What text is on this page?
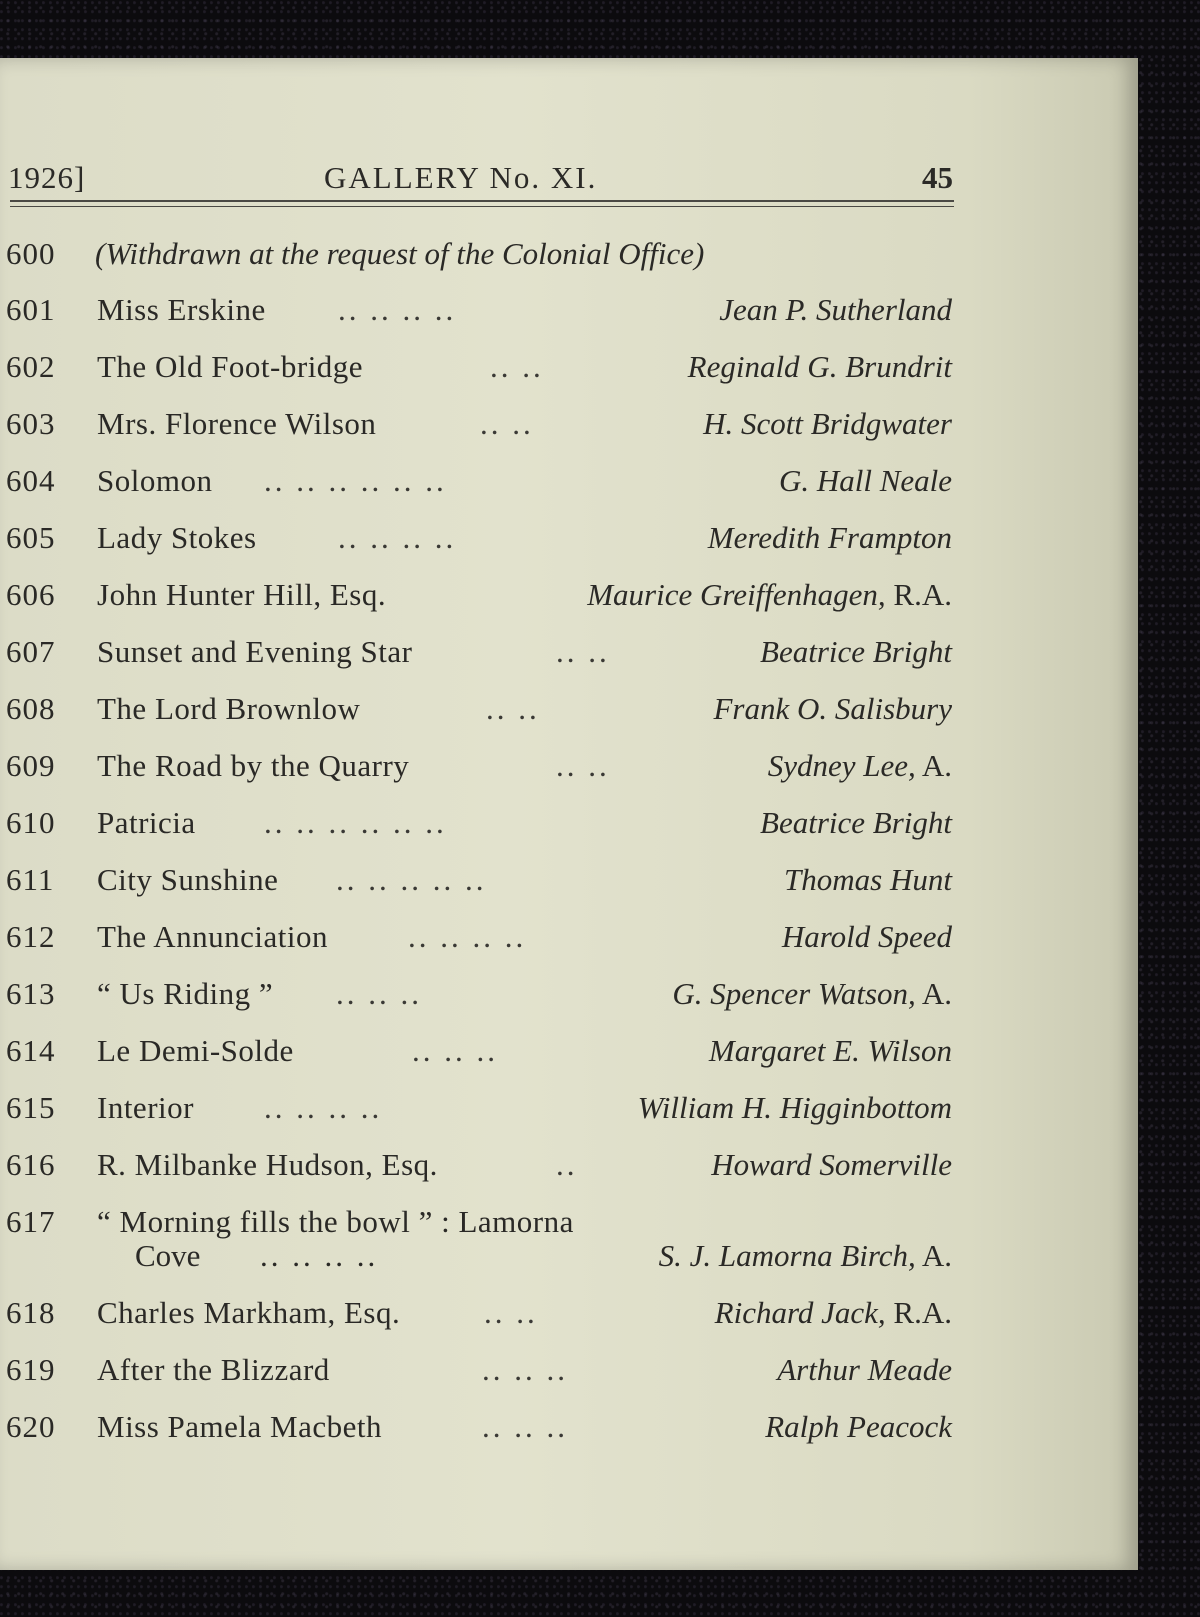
1926]	GALLERY No. XI.	45
600 (Withdrawn at the request of the Colonial Office)
601 Miss Erskine .. .. .. ..	Jean P. Sutherland
602 The Old Foot-bridge	.. ..	Reginald G. Brundrit
603 Mrs. Florence Wilson	.. ..	H. Scott Bridgwater
604 Solomon .. .. .. .. .. ..	G. Hall Neale
605 Lady Stokes	.. .. .. ..	Meredith Frampton
606 John Hunter Hill, Esq.	Maurice Greiffenhagen, R.A.
607 Sunset and Evening Star	.. ..	Beatrice Bright
608 The Lord Brownlow	.. ..	Frank O. Salisbury
609 The Road by the Quarry	.. ..	Sydney Lee, A.
610 Patricia .. .. .. .. .. ..	Beatrice Bright
611 City Sunshine .. .. .. .. ..	Thomas Hunt
612 The Annunciation	.. .. .. ..	Harold Speed
613 “ Us Riding ” .. .. ..	G. Spencer Watson, A.
614 Le Demi-Solde	.. .. ..	Margaret E. Wilson
615 Interior .. .. .. ..	William H. Higginbottom
616 R. Milbanke Hudson, Esq.	..	Howard Somerville
617 “ Morning fills the bowl ” : Lamorna
Cove .. .. .. ..	S. J. Lamorna Birch, A.
618 Charles Markham, Esq.	.. ..	Richard Jack, R.A.
619 After the Blizzard	.. .. ..	Arthur Meade
620 Miss Pamela Macbeth	.. .. ..	Ralph Peacock
